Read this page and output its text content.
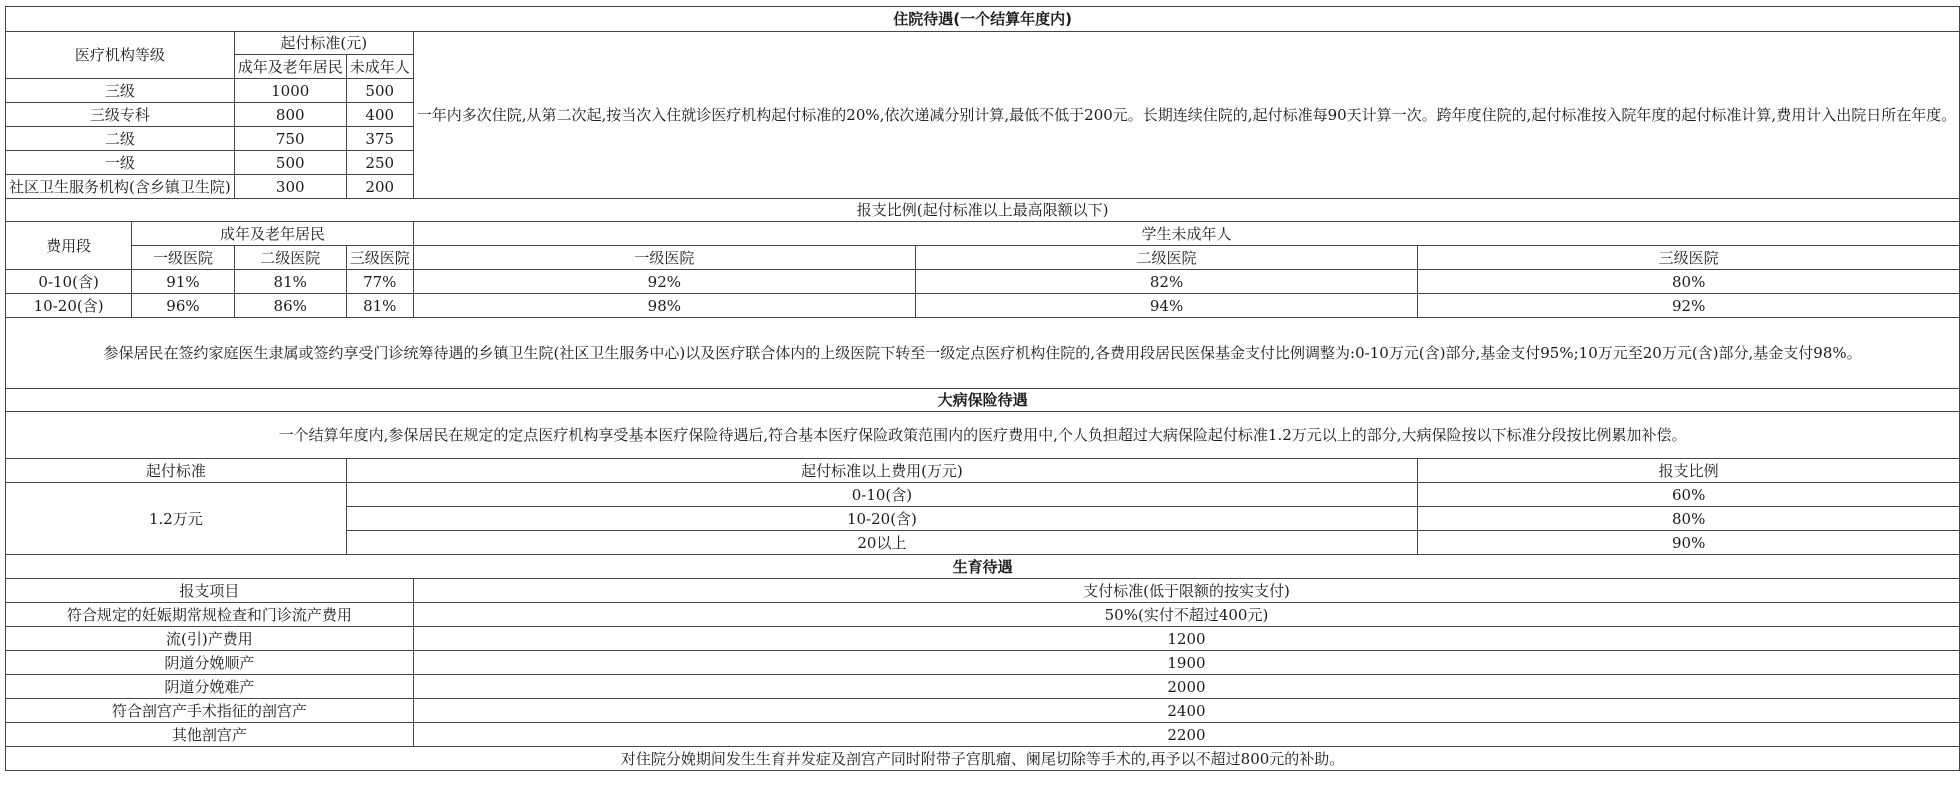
住院待遇(一个结算年度内)						
医疗机构等级		起付标准(元)		一年内多次住院,从第二次起,按当次入住就诊医疗机构起付标准的20%,依次递减分别计算,最低不低于200元。长期连续住院的,起付标准每90天计算一次。跨年度住院的,起付标准按入院年度的起付标准计算,费用计入出院日所在年度。		
		成年及老年居民	未成年人			
三级		1000	500			
三级专科		800	400			
二级		750	375			
一级		500	250			
社区卫生服务机构(含乡镇卫生院)		300	200			
报支比例(起付标准以上最高限额以下)						
费用段	成年及老年居民			学生未成年人		
	一级医院	二级医院	三级医院	一级医院	二级医院	三级医院
0-10(含)	91%	81%	77%	92%	82%	80%
10-20(含)	96%	86%	81%	98%	94%	92%
参保居民在签约家庭医生隶属或签约享受门诊统筹待遇的乡镇卫生院(社区卫生服务中心)以及医疗联合体内的上级医院下转至一级定点医疗机构住院的,各费用段居民医保基金支付比例调整为:0-10万元(含)部分,基金支付95%;10万元至20万元(含)部分,基金支付98%。						
大病保险待遇						
一个结算年度内,参保居民在规定的定点医疗机构享受基本医疗保险待遇后,符合基本医疗保险政策范围内的医疗费用中,个人负担超过大病保险起付标准1.2万元以上的部分,大病保险按以下标准分段按比例累加补偿。						
起付标准			起付标准以上费用(万元)			报支比例
1.2万元			0-10(含)			60%
			10-20(含)			80%
			20以上			90%
生育待遇						
报支项目				支付标准(低于限额的按实支付)		
符合规定的妊娠期常规检查和门诊流产费用				50%(实付不超过400元)		
流(引)产费用				1200		
阴道分娩顺产				1900		
阴道分娩难产				2000		
符合剖宫产手术指征的剖宫产				2400		
其他剖宫产				2200		
对住院分娩期间发生生育并发症及剖宫产同时附带子宫肌瘤、阑尾切除等手术的,再予以不超过800元的补助。						
